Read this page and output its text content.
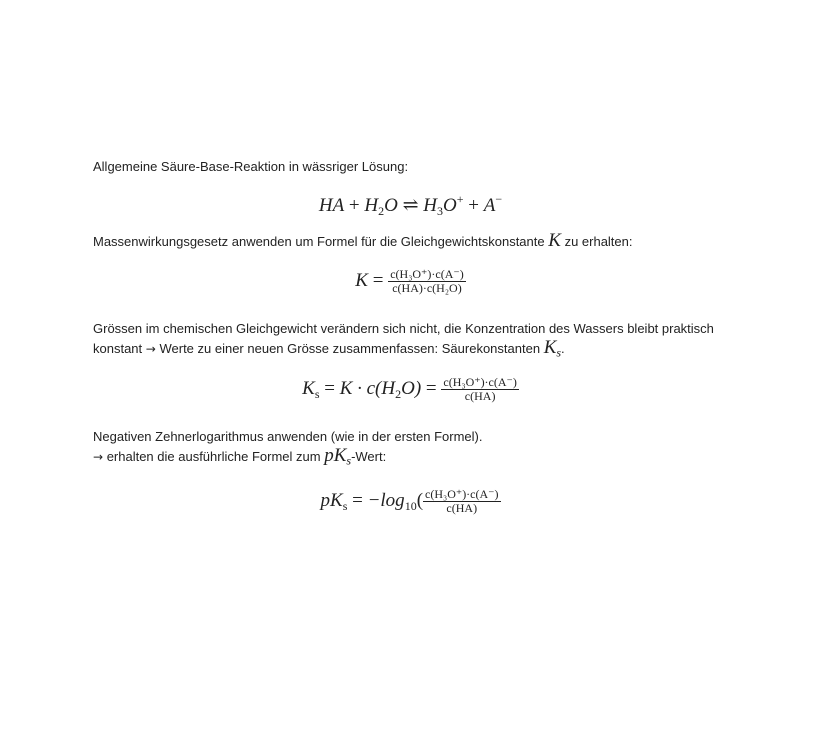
Allgemeine Säure-Base-Reaktion in wässriger Lösung:
HA + $H_2O$ ⇌ $H_3O^+ + A^-$
Massenwirkungsgesetz anwenden um Formel für die Gleichgewichtskonstante K zu erhalten:
$K = \frac{\text{c(H₃O⁺)·c(A⁻)}}{\text{c(HA)·c(H₂O)}}$
Grössen im chemischen Gleichgewicht verändern sich nicht, die Konzentration des Wassers bleibt praktisch
konstant → Werte zu einer neuen Grösse zusammenfassen: Säurekonstanten $K_s$.
$K_s = K \cdot c(H_2O) = \frac{\text{c(H₃O⁺)·c(A⁻)}}{c(HA)}$
Negativen Zehnerlogarithmus anwenden (wie in der ersten Formel).
→ erhalten die ausführliche Formel zum $pK_s$-Wert:
$pK_s = -\log_{10}( \frac{\text{c(H₃O⁺)·c(A⁻)}}{c(HA)}$
